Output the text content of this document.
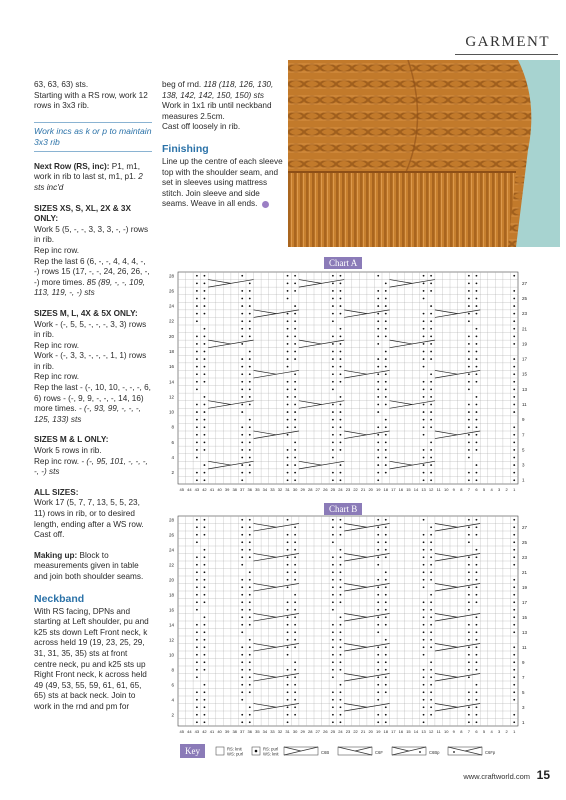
GARMENT

63, 63, 63) sts.
Starting with a RS row, work 12 rows in 3x3 rib.

Work incs as k or p to maintain 3x3 rib

Next Row (RS, inc): P1, m1, work in rib to last st, m1, p1. 2 sts inc'd

SIZES XS, S, XL, 2X & 3X ONLY:
Work 5 (5, -, -, 3, 3, 3, -, -) rows in rib.
Rep inc row.
Rep the last 6 (6, -, -, 4, 4, 4, -, -) rows 15 (17, -, -, 24, 26, 26, -, -) more times. 85 (89, -, -, 109, 113, 119, -, -) sts

SIZES M, L, 4X & 5X ONLY:
Work - (-, 5, 5, -, -, -, 3, 3) rows in rib.
Rep inc row.
Work - (-, 3, 3, -, -, -, 1, 1) rows in rib.
Rep inc row.
Rep the last - (-, 10, 10, -, -, -, 6, 6) rows - (-, 9, 9, -, -, -, 14, 16) more times. - (-, 93, 99, -, -, -, 125, 133) sts

SIZES M & L ONLY:
Work 5 rows in rib.
Rep inc row. - (-, 95, 101, -, -, -, -, -) sts

ALL SIZES:
Work 17 (5, 7, 7, 13, 5, 5, 23, 11) rows in rib, or to desired length, ending after a WS row. Cast off.

Making up: Block to measurements given in table and join both shoulder seams.

Neckband

With RS facing, DPNs and starting at Left shoulder, pu and k25 sts down Left Front neck, k across held 19 (19, 23, 25, 29, 31, 31, 35, 35) sts at front centre neck, pu and k25 sts up Right Front neck, k across held 49 (49, 53, 55, 59, 61, 61, 65, 65) sts at back neck. Join to work in the rnd and pm for

beg of rnd. 118 (118, 126, 130, 138, 142, 142, 150, 150) sts
Work in 1x1 rib until neckband measures 2.5cm.
Cast off loosely in rib.

Finishing

Line up the centre of each sleeve top with the shoulder seam, and set in sleeves using mattress stitch. Join sleeve and side seams. Weave in all ends.

Chart A
2
4
6
8
10
12
14
16
18
20
22
24
26
28
1
3
5
7
9
11
13
15
17
19
21
23
25
27
45 44 43 42 41 40 39 38 37 36 35 34 33 32 31 30 29 28 27 26 25 24 23 22 21 20 19 18 17 16 15 14 13 12 11 10 9 8 7 6 5 4 3 2 1
Chart B
2
4
6
8
10
12
14
16
18
20
22
24
26
28
1
3
5
7
9
11
13
15
17
19
21
23
25
27
45 44 43 42 41 40 39 38 37 36 35 34 33 32 31 30 29 28 27 26 25 24 23 22 21 20 19 18 17 16 15 14 13 12 11 10 9 8 7 6 5 4 3 2 1
Key	RS: knit
WS: purl
RS: purl
WS: knit	C6B	C6F	C6Bp	C6Fp
www.craftworld.com 15
